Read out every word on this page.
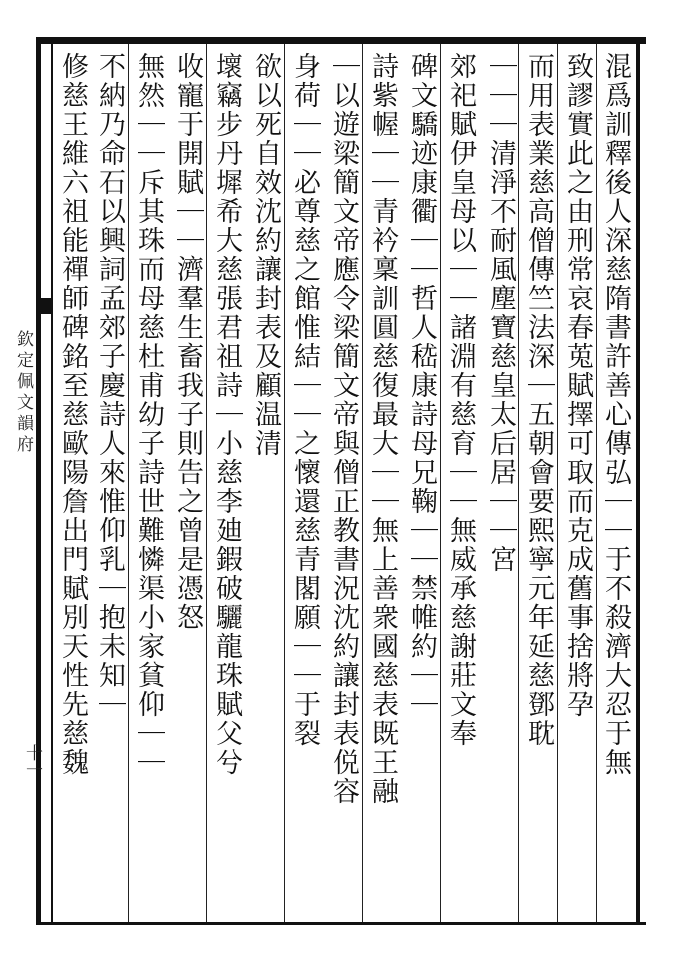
欽定佩文韻府
十一	混爲訓釋後人深慈隋書許善心傳弘｜｜于不殺濟大忍于無
致謬實此之由刑常哀春莵賦擇可取而克成舊事捨將孕
而用表業慈高僧傳竺法深｜五朝會要熙寧元年延慈鄧耽
｜｜｜清淨不耐風塵寶慈皇太后居｜｜宮
郊祀賦伊皇母以｜｜諸淵有慈育｜｜無威承慈謝莊文奉
碑文驕迹康衢｜｜哲人嵇康詩母兄鞠｜｜禁帷約｜｜
詩紫幄｜｜青衿稟訓圓慈復最大｜｜無上善衆國慈表既王融
｜以遊梁簡文帝應令梁簡文帝與僧正教書況沈約讓封表侻容
身荷｜｜必尊慈之館惟結｜｜之懷還慈青閣願｜｜于裂
欲以死自效沈約讓封表及顧温清
壞竊步丹墀希大慈張君祖詩｜小慈李廸鍜破驪龍珠賦父兮
收寵于開賦｜｜濟羣生畜我子則告之曾是憑怒
無然｜｜斥其珠而母慈杜甫幼子詩世難憐渠小家貧仰｜｜
不納乃命石以興詞孟郊子慶詩人來惟仰乳｜抱未知｜
修慈王維六祖能禪師碑銘至慈歐陽詹出門賦別天性先慈魏
